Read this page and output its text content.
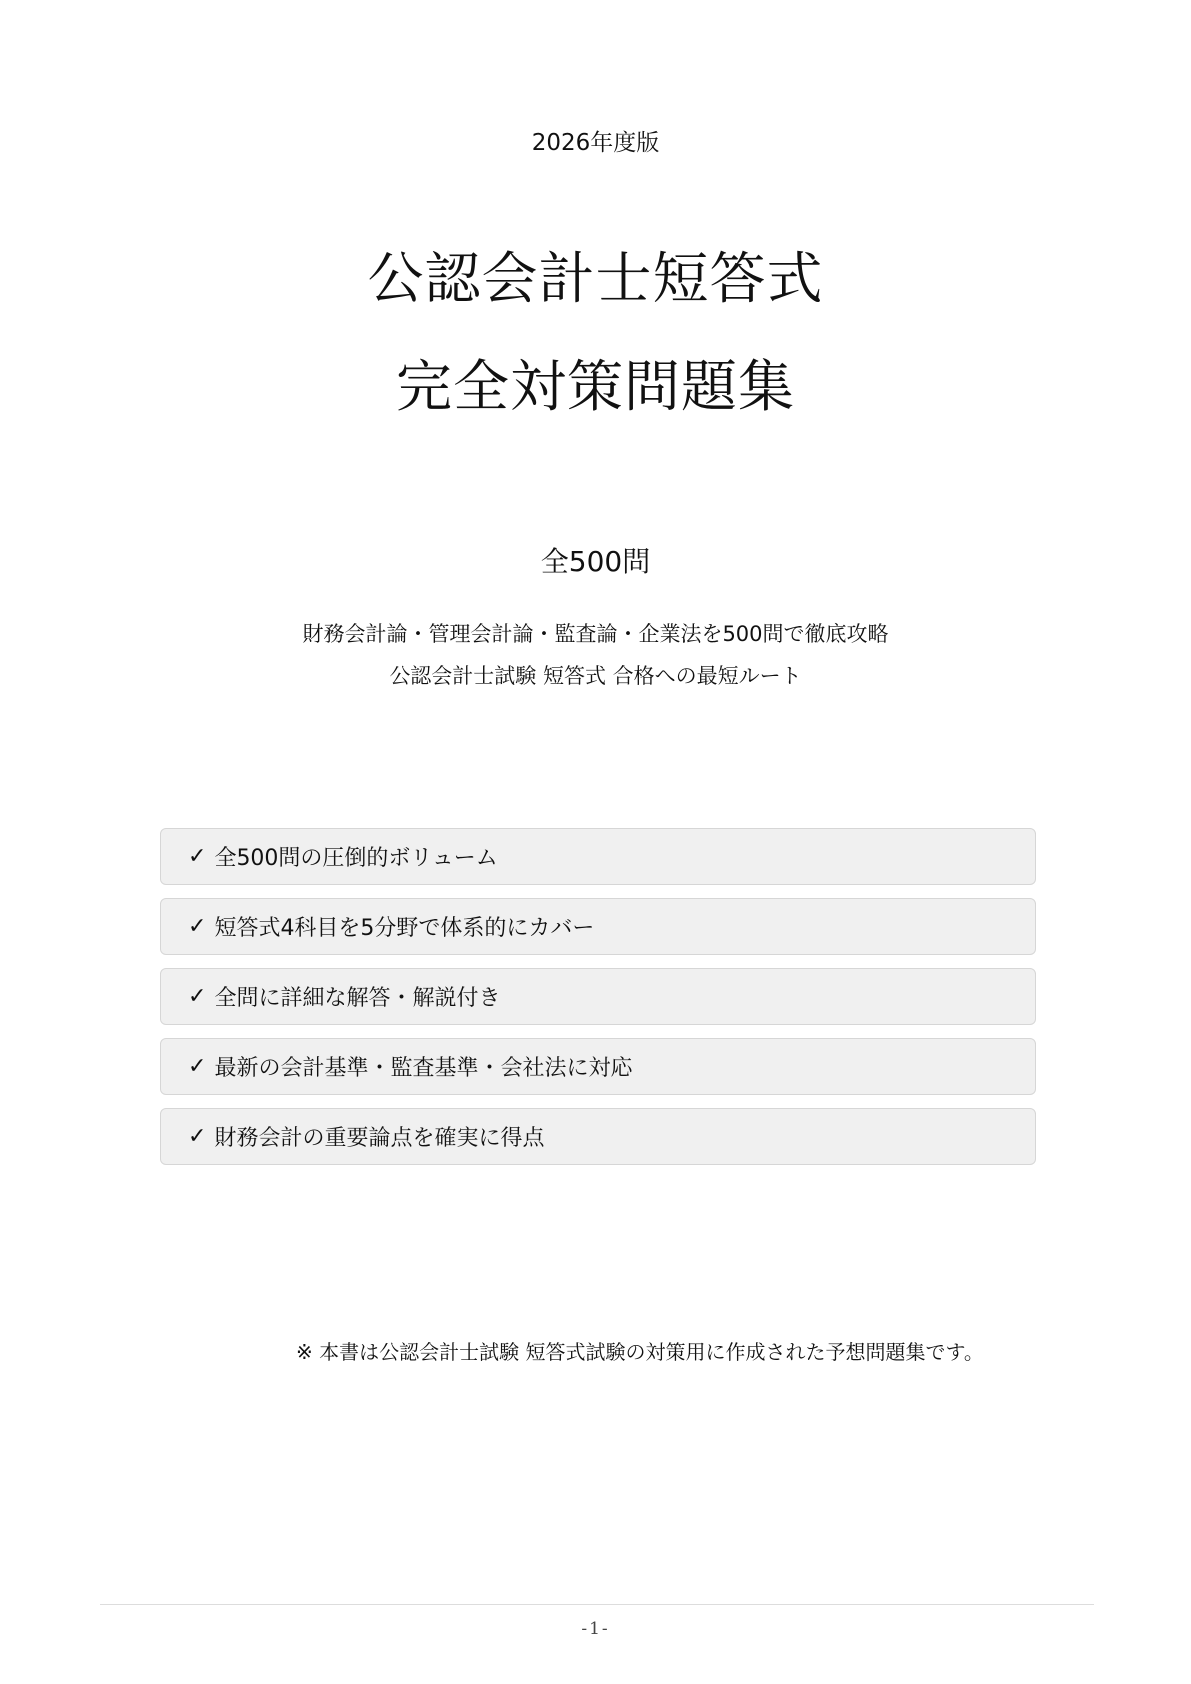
2026年度版
公認会計士短答式
完全対策問題集
全500問
財務会計論・管理会計論・監査論・企業法を500問で徹底攻略
公認会計士試験 短答式 合格への最短ルート
✓ 全500問の圧倒的ボリューム
✓ 短答式4科目を5分野で体系的にカバー
✓ 全問に詳細な解答・解説付き
✓ 最新の会計基準・監査基準・会社法に対応
✓ 財務会計の重要論点を確実に得点
※ 本書は公認会計士試験 短答式試験の対策用に作成された予想問題集です。
-1-
